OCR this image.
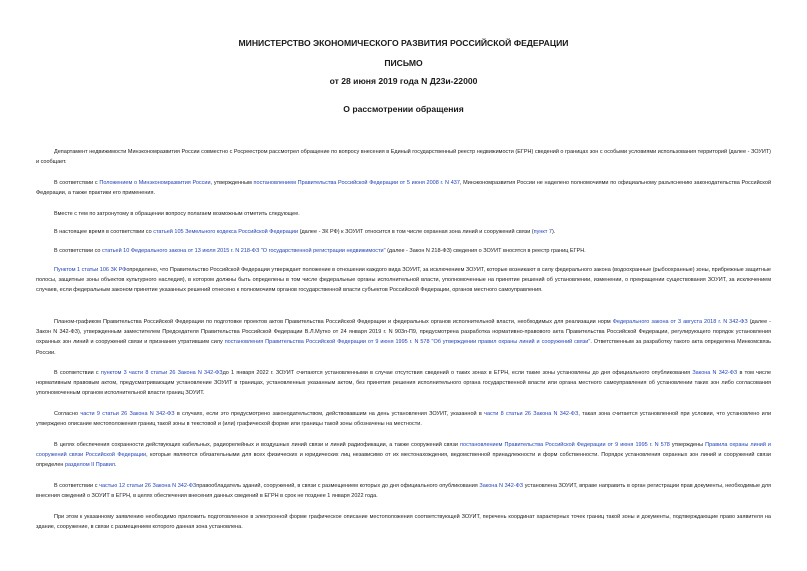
МИНИСТЕРСТВО ЭКОНОМИЧЕСКОГО РАЗВИТИЯ РОССИЙСКОЙ ФЕДЕРАЦИИ
ПИСЬМО
от 28 июня 2019 года N Д23и-22000
О рассмотрении обращения

Департамент недвижимости Минэкономразвития России совместно с Росреестром рассмотрел обращение по вопросу внесения в Единый государственный реестр недвижимости (ЕГРН) сведений о границах зон с особыми условиями использования территорий (далее - ЗОУИТ) и сообщает.

В соответствии с Положением о Минэкономразвития России, утвержденным постановлением Правительства Российской Федерации от 5 июня 2008 г. N 437, Минэкономразвития России не наделено полномочиями по официальному разъяснению законодательства Российской Федерации, а также практики его применения.

Вместе с тем по затронутому в обращении вопросу полагаем возможным отметить следующее.

В настоящее время в соответствии со статьей 105 Земельного кодекса Российской Федерации (далее - ЗК РФ) к ЗОУИТ относится в том числе охранная зона линий и сооружений связи (пункт 7).

В соответствии со статьей 10 Федерального закона от 13 июля 2015 г. N 218-ФЗ "О государственной регистрации недвижимости" (далее - Закон N 218-ФЗ) сведения о ЗОУИТ вносятся в реестр границ ЕГРН.

Пунктом 1 статьи 106 ЗК РФопределено, что Правительство Российской Федерации утверждает положение в отношении каждого вида ЗОУИТ, за исключением ЗОУИТ, которые возникают в силу федерального закона (водоохранные (рыбоохранные) зоны, прибрежные защитные полосы, защитные зоны объектов культурного наследия), в котором должны быть определены в том числе федеральные органы исполнительной власти, уполномоченные на принятие решений об установлении, изменении, о прекращении существования ЗОУИТ, за исключением случаев, если федеральным законом принятие указанных решений отнесено к полномочиям органов государственной власти субъектов Российской Федерации, органов местного самоуправления.

Планом-графиком Правительства Российской Федерации по подготовке проектов актов Правительства Российской Федерации и федеральных органов исполнительной власти, необходимых для реализации норм Федерального закона от 3 августа 2018 г. N 342-ФЗ (далее - Закон N 342-ФЗ), утвержденным заместителем Председателя Правительства Российской Федерации В.Л.Мутко от 24 января 2019 г. N 903п-П9, предусмотрена разработка нормативно-правового акта Правительства Российской Федерации, регулирующего порядок установления охранных зон линий и сооружений связи и признания утратившим силу постановления Правительства Российской Федерации от 9 июня 1995 г. N 578 "Об утверждении правил охраны линий и сооружений связи". Ответственным за разработку такого акта определена Минкомсвязь России.

В соответствии с пунктом 3 части 8 статьи 26 Закона N 342-ФЗдо 1 января 2022 г. ЗОУИТ считаются установленными в случае отсутствия сведений о таких зонах в ЕГРН, если такие зоны установлены до дня официального опубликования Закона N 342-ФЗ в том числе нормативным правовым актом, предусматривающим установление ЗОУИТ в границах, установленных указанным актом, без принятия решения исполнительного органа государственной власти или органа местного самоуправления об установлении таких зон либо согласования уполномоченным органом исполнительной власти границ ЗОУИТ.

Согласно части 9 статьи 26 Закона N 342-ФЗ в случаях, если это предусмотрено законодательством, действовавшим на день установления ЗОУИТ, указанной в части 8 статьи 26 Закона N 342-ФЗ, такая зона считается установленной при условии, что установлено или утверждено описание местоположения границ такой зоны в текстовой и (или) графической форме или границы такой зоны обозначены на местности.

В целях обеспечения сохранности действующих кабельных, радиорелейных и воздушных линий связи и линий радиофикации, а также сооружений связи постановлением Правительства Российской Федерации от 9 июня 1995 г. N 578 утверждены Правила охраны линий и сооружений связи Российской Федерации, которые являются обязательными для всех физических и юридических лиц независимо от их местонахождения, ведомственной принадлежности и форм собственности. Порядок установления охранных зон линий и сооружений связи определен разделом II Правил.

В соответствии с частью 12 статьи 26 Закона N 342-ФЗправообладатель зданий, сооружений, в связи с размещением которых до дня официального опубликования Закона N 342-ФЗ установлена ЗОУИТ, вправе направить в орган регистрации прав документы, необходимые для внесения сведений о ЗОУИТ в ЕГРН, в целях обеспечения внесения данных сведений в ЕГРН в срок не позднее 1 января 2022 года.

При этом к указанному заявлению необходимо приложить подготовленное в электронной форме графическое описание местоположения соответствующей ЗОУИТ, перечень координат характерных точек границ такой зоны и документы, подтверждающие право заявителя на здание, сооружение, в связи с размещением которого данная зона установлена.
